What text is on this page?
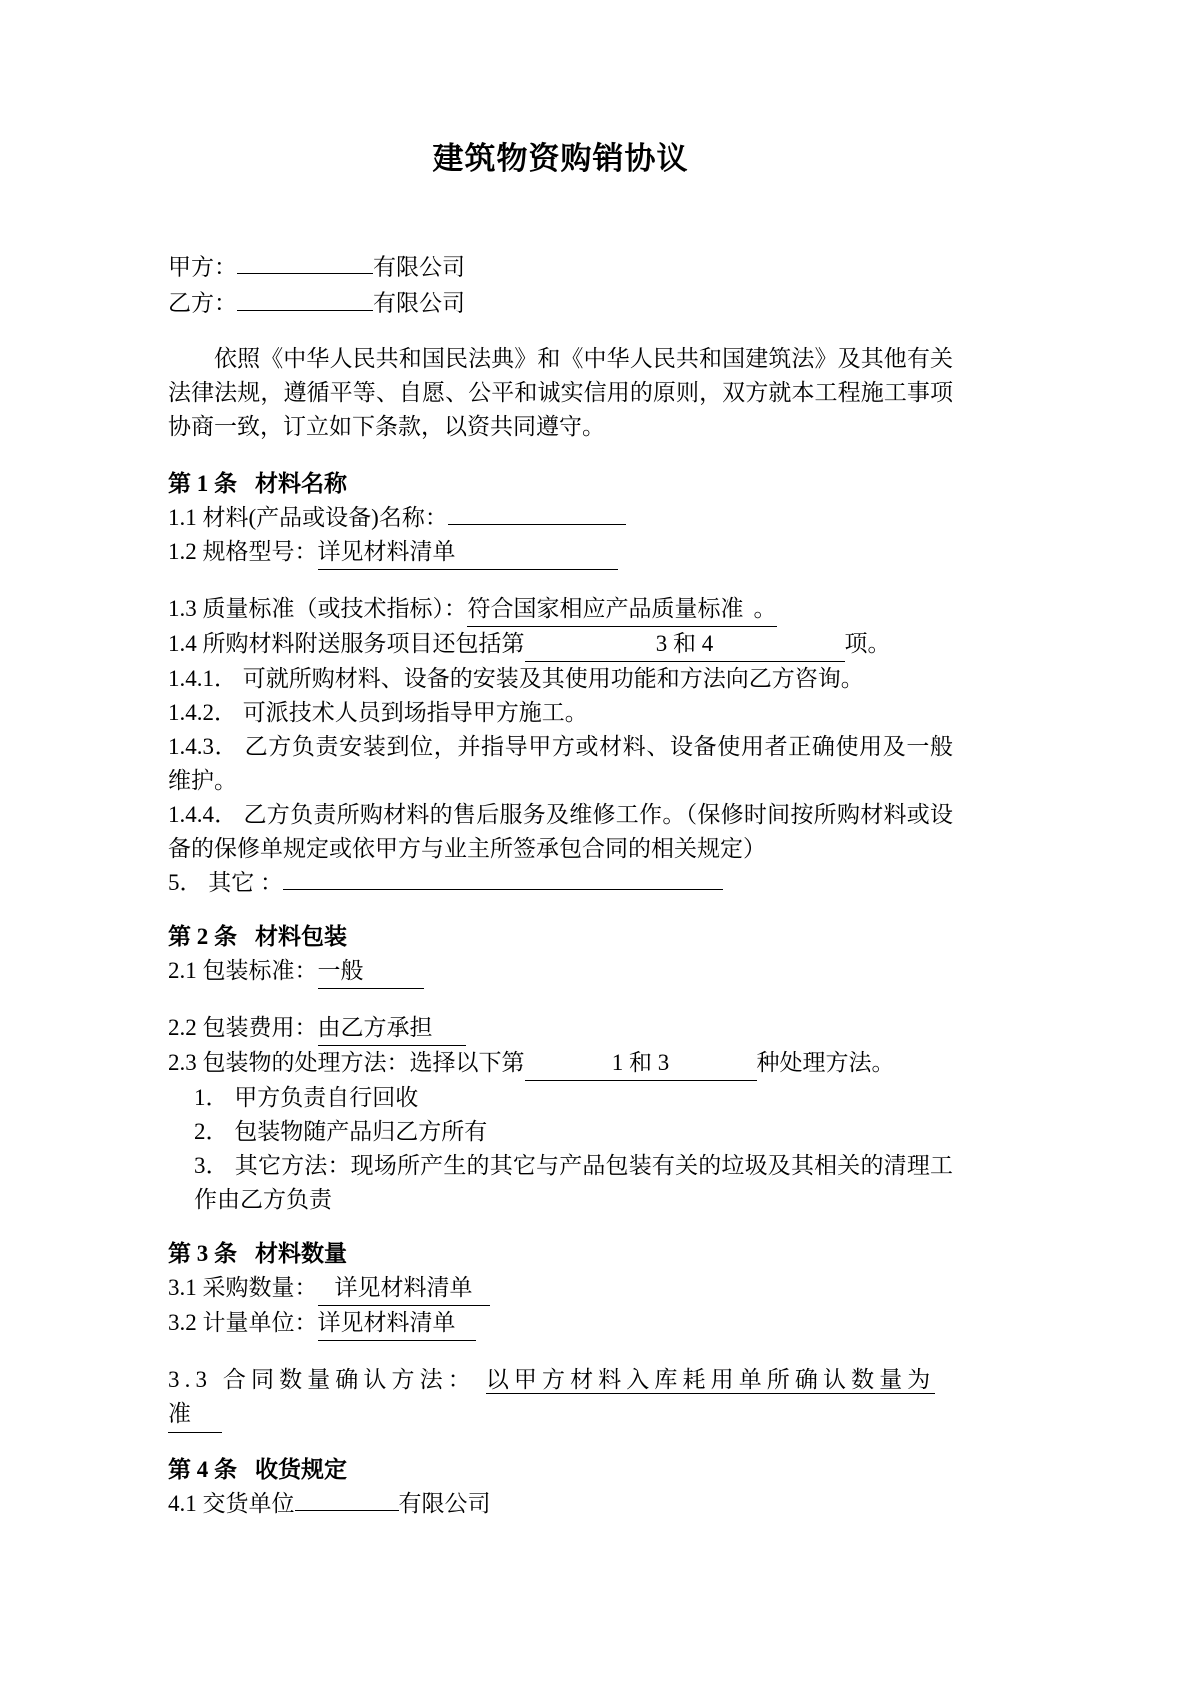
建筑物资购销协议
甲方：	有限公司
乙方：	有限公司

依照《中华人民共和国民法典》和《中华人民共和国建筑法》及其他有关法律法规，遵循平等、自愿、公平和诚实信用的原则，双方就本工程施工事项协商一致，订立如下条款，以资共同遵守。

第 1 条 材料名称
1.1 材料(产品或设备)名称：
1.2 规格型号：详见材料清单
1.3 质量标准（或技术指标）：符合国家相应产品质量标准 。
1.4 所购材料附送服务项目还包括第	3 和 4	项。
1.4.1． 可就所购材料、设备的安装及其使用功能和方法向乙方咨询。
1.4.2． 可派技术人员到场指导甲方施工。
1.4.3． 乙方负责安装到位，并指导甲方或材料、设备使用者正确使用及一般维护。
1.4.4． 乙方负责所购材料的售后服务及维修工作。（保修时间按所购材料或设备的保修单规定或依甲方与业主所签承包合同的相关规定）
5． 其它 ：
第 2 条 材料包装
2.1 包装标准：一般
2.2 包装费用：由乙方承担
2.3 包装物的处理方法：选择以下第	1 和 3	种处理方法。
1． 甲方负责自行回收
2． 包装物随产品归乙方所有
3． 其它方法：现场所产生的其它与产品包装有关的垃圾及其相关的清理工作由乙方负责
第 3 条 材料数量
3.1 采购数量： 详见材料清单
3.2 计量单位：详见材料清单
3.3 合同数量确认方法： 以甲方材料入库耗用单所确认数量为
准
第 4 条 收货规定
4.1 交货单位	有限公司
